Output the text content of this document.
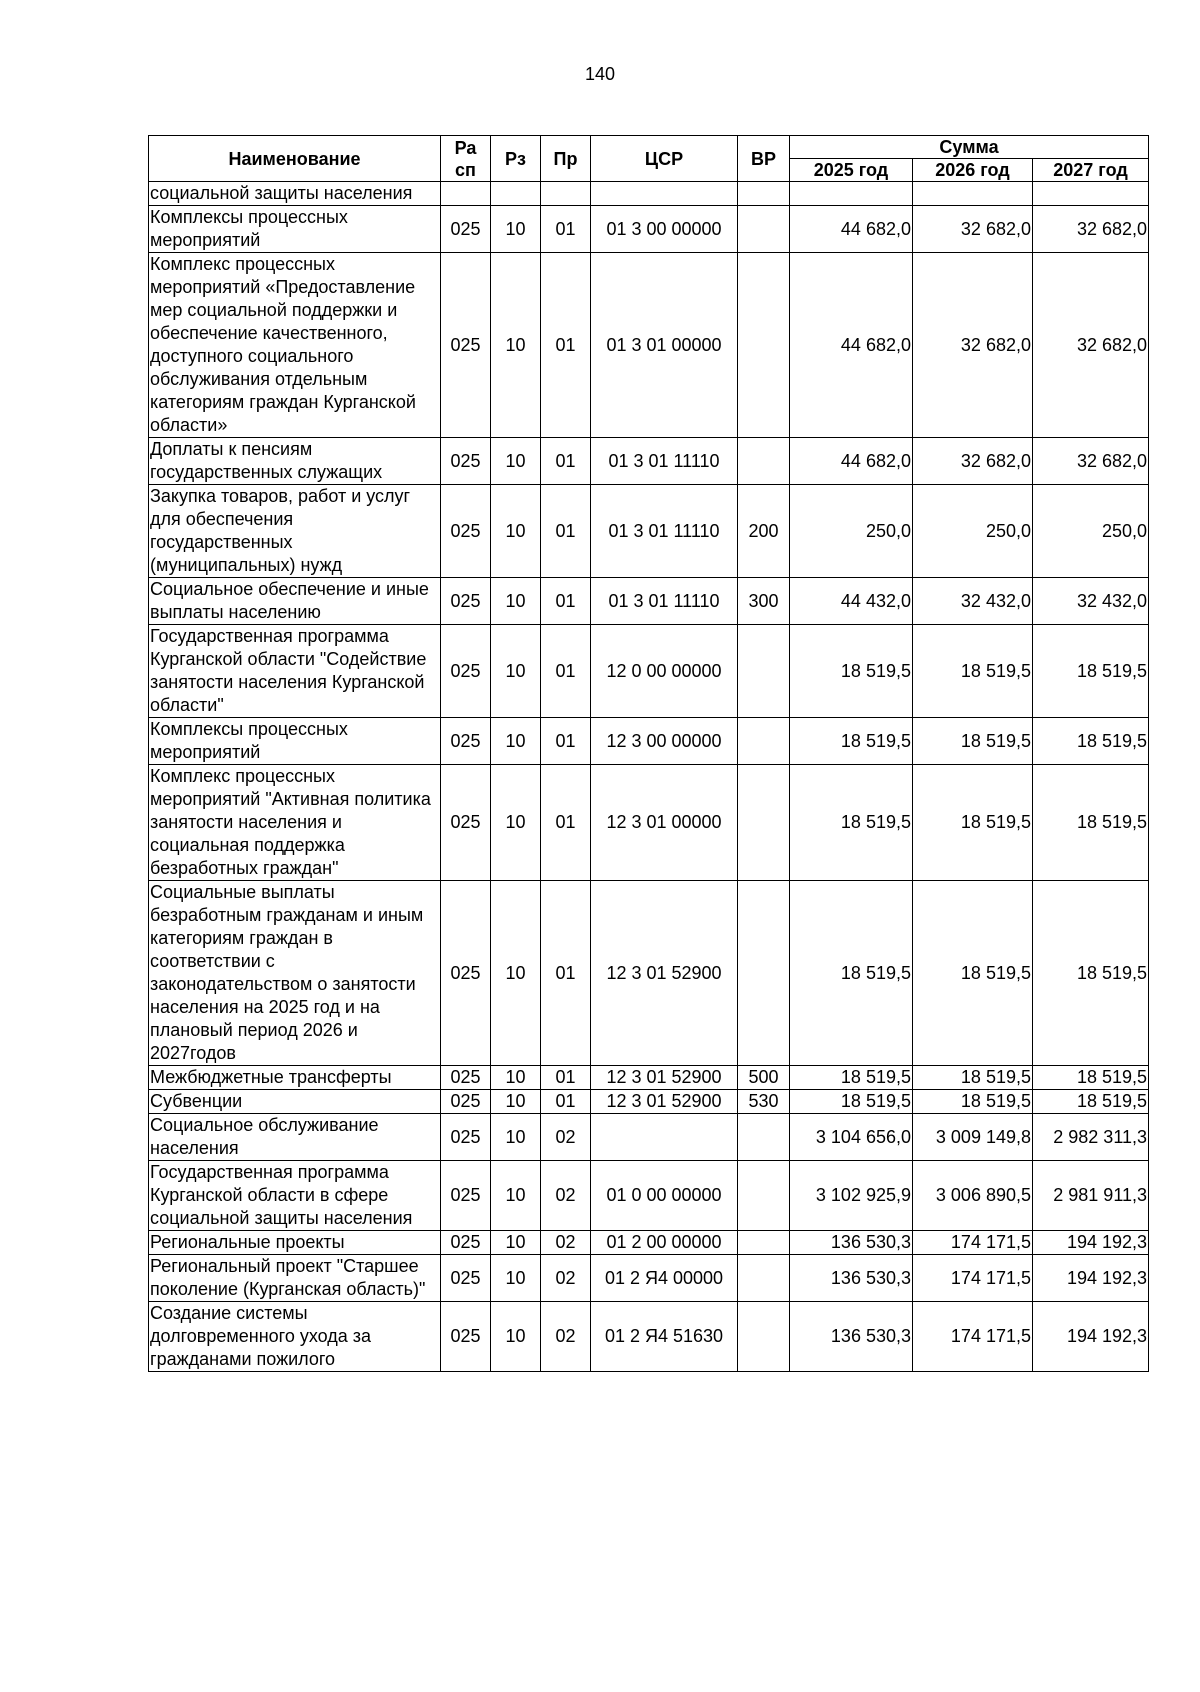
140
Наименование	Ра сп	Рз	Пр	ЦСР	ВР	Сумма		
						2025 год	2026 год	2027 год
социальной защиты населения								
Комплексы процессных мероприятий	025	10	01	01 3 00 00000		44 682,0	32 682,0	32 682,0
Комплекс процессных мероприятий «Предоставление мер социальной поддержки и обеспечение качественного, доступного социального обслуживания отдельным категориям граждан Курганской области»	025	10	01	01 3 01 00000		44 682,0	32 682,0	32 682,0
Доплаты к пенсиям государственных служащих	025	10	01	01 3 01 11110		44 682,0	32 682,0	32 682,0
Закупка товаров, работ и услуг для обеспечения государственных (муниципальных) нужд	025	10	01	01 3 01 11110	200	250,0	250,0	250,0
Социальное обеспечение и иные выплаты населению	025	10	01	01 3 01 11110	300	44 432,0	32 432,0	32 432,0
Государственная программа Курганской области "Содействие занятости населения Курганской области"	025	10	01	12 0 00 00000		18 519,5	18 519,5	18 519,5
Комплексы процессных мероприятий	025	10	01	12 3 00 00000		18 519,5	18 519,5	18 519,5
Комплекс процессных мероприятий "Активная политика занятости населения и социальная поддержка безработных граждан"	025	10	01	12 3 01 00000		18 519,5	18 519,5	18 519,5
Социальные выплаты безработным гражданам и иным категориям граждан в соответствии с законодательством о занятости населения на 2025 год и на плановый период 2026 и 2027годов	025	10	01	12 3 01 52900		18 519,5	18 519,5	18 519,5
Межбюджетные трансферты	025	10	01	12 3 01 52900	500	18 519,5	18 519,5	18 519,5
Субвенции	025	10	01	12 3 01 52900	530	18 519,5	18 519,5	18 519,5
Социальное обслуживание населения	025	10	02			3 104 656,0	3 009 149,8	2 982 311,3
Государственная программа Курганской области в сфере социальной защиты населения	025	10	02	01 0 00 00000		3 102 925,9	3 006 890,5	2 981 911,3
Региональные проекты	025	10	02	01 2 00 00000		136 530,3	174 171,5	194 192,3
Региональный проект "Старшее поколение (Курганская область)"	025	10	02	01 2 Я4 00000		136 530,3	174 171,5	194 192,3
Создание системы долговременного ухода за гражданами пожилого	025	10	02	01 2 Я4 51630		136 530,3	174 171,5	194 192,3
